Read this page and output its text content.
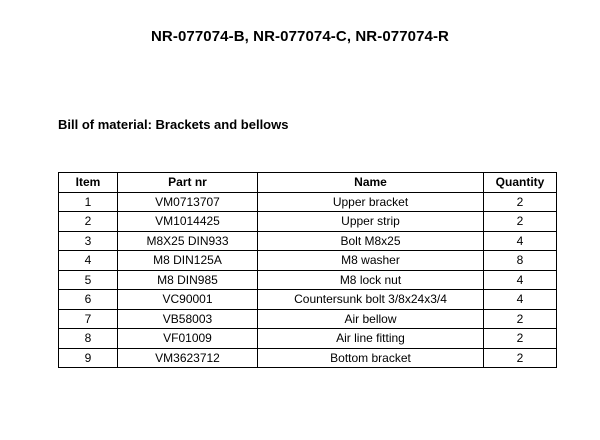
NR-077074-B, NR-077074-C, NR-077074-R
Bill of material: Brackets and bellows
Item	Part nr	Name	Quantity
1	VM0713707	Upper bracket	2
2	VM1014425	Upper strip	2
3	M8X25 DIN933	Bolt M8x25	4
4	M8 DIN125A	M8 washer	8
5	M8 DIN985	M8 lock nut	4
6	VC90001	Countersunk bolt 3/8x24x3/4	4
7	VB58003	Air bellow	2
8	VF01009	Air line fitting	2
9	VM3623712	Bottom bracket	2
